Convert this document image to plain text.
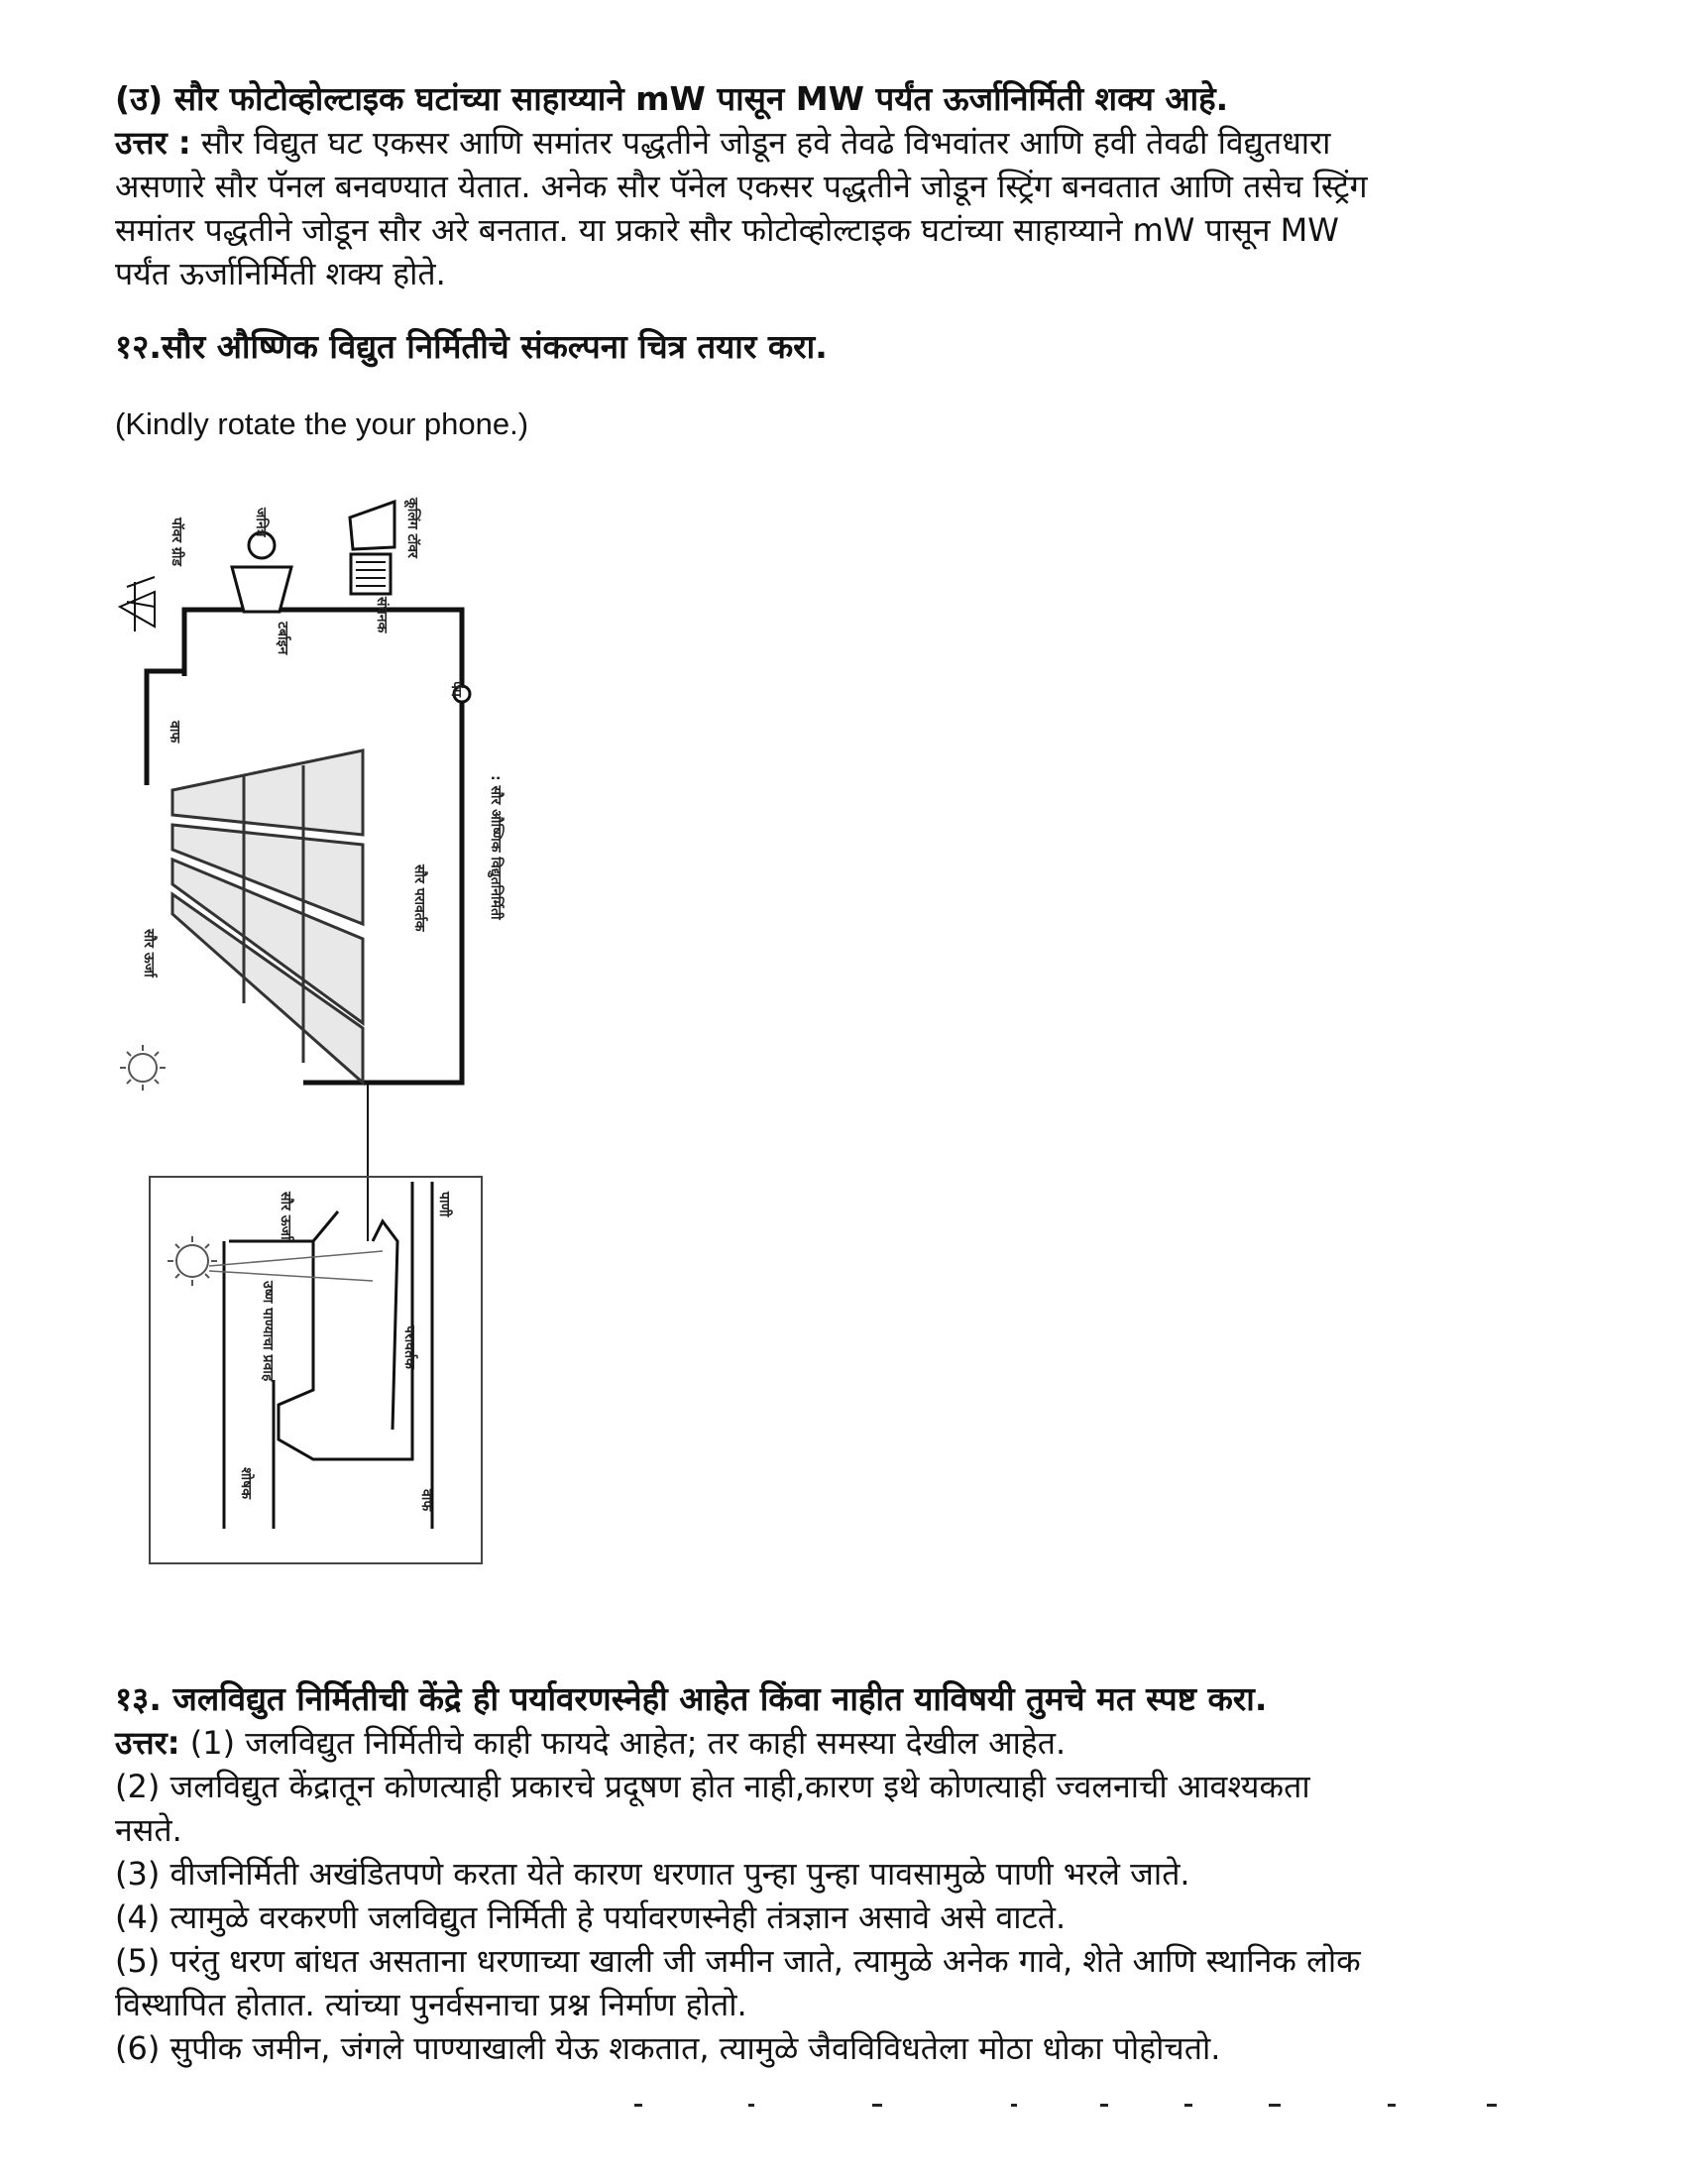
(उ) सौर फोटोव्होल्टाइक घटांच्या साहाय्याने mW पासून MW पर्यंत ऊर्जानिर्मिती शक्य आहे.

उत्तर : सौर विद्युत घट एकसर आणि समांतर पद्धतीने जोडून हवे तेवढे विभवांतर आणि हवी तेवढी विद्युतधारा

असणारे सौर पॅनल बनवण्यात येतात. अनेक सौर पॅनेल एकसर पद्धतीने जोडून स्ट्रिंग बनवतात आणि तसेच स्ट्रिंग

समांतर पद्धतीने जोडून सौर अरे बनतात. या प्रकारे सौर फोटोव्होल्टाइक घटांच्या साहाय्याने mW पासून MW

पर्यंत ऊर्जानिर्मिती शक्य होते.

१२.सौर औष्णिक विद्युत निर्मितीचे संकल्पना चित्र तयार करा.

(Kindly rotate the your phone.)

पॉवर ग्रीड	जनित्र	कूलिंग टॉवर
टर्बाइन
संघनक
पंप
वाफ
सौर ऊर्जा
सौर परावर्तक	: सौर औष्णिक विद्युतनिर्मिती
पाणी
सौर ऊर्जा
उष्ण पाण्याचा प्रवाह	परावर्तक
शोषक
वाफ

१३. जलविद्युत निर्मितीची केंद्रे ही पर्यावरणस्नेही आहेत किंवा नाहीत याविषयी तुमचे मत स्पष्ट करा.

उत्तर: (1) जलविद्युत निर्मितीचे काही फायदे आहेत; तर काही समस्या देखील आहेत.

(2) जलविद्युत केंद्रातून कोणत्याही प्रकारचे प्रदूषण होत नाही,कारण इथे कोणत्याही ज्वलनाची आवश्यकता

नसते.

(3) वीजनिर्मिती अखंडितपणे करता येते कारण धरणात पुन्हा पुन्हा पावसामुळे पाणी भरले जाते.

(4) त्यामुळे वरकरणी जलविद्युत निर्मिती हे पर्यावरणस्नेही तंत्रज्ञान असावे असे वाटते.

(5) परंतु धरण बांधत असताना धरणाच्या खाली जी जमीन जाते, त्यामुळे अनेक गावे, शेते आणि स्थानिक लोक

विस्थापित होतात. त्यांच्या पुनर्वसनाचा प्रश्न निर्माण होतो.

(6) सुपीक जमीन, जंगले पाण्याखाली येऊ शकतात, त्यामुळे जैवविविधतेला मोठा धोका पोहोचतो.
